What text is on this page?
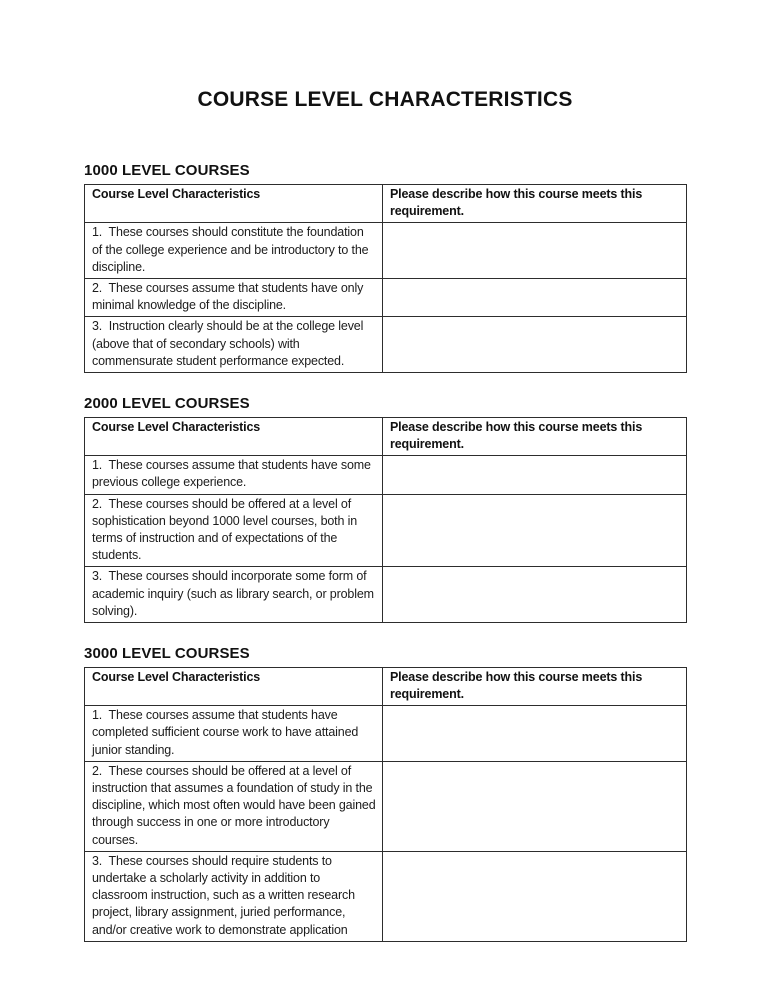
COURSE LEVEL CHARACTERISTICS
1000 LEVEL COURSES
Course Level Characteristics	Please describe how this course meets this requirement.
1.  These courses should constitute the foundation of the college experience and be introductory to the discipline.	
2.  These courses assume that students have only minimal knowledge of the discipline.	
3.  Instruction clearly should be at the college level (above that of secondary schools) with commensurate student performance expected.	
2000 LEVEL COURSES
Course Level Characteristics	Please describe how this course meets this requirement.
1.  These courses assume that students have some previous college experience.	
2.  These courses should be offered at a level of sophistication beyond 1000 level courses, both in terms of instruction and of expectations of the students.	
3.  These courses should incorporate some form of academic inquiry (such as library search, or problem solving).	
3000 LEVEL COURSES
Course Level Characteristics	Please describe how this course meets this requirement.
1.  These courses assume that students have completed sufficient course work to have attained junior standing.	
2.  These courses should be offered at a level of instruction that assumes a foundation of study in the discipline, which most often would have been gained through success in one or more introductory courses.	
3.  These courses should require students to undertake a scholarly activity in addition to classroom instruction, such as a written research project, library assignment, juried performance, and/or creative work to demonstrate application	
